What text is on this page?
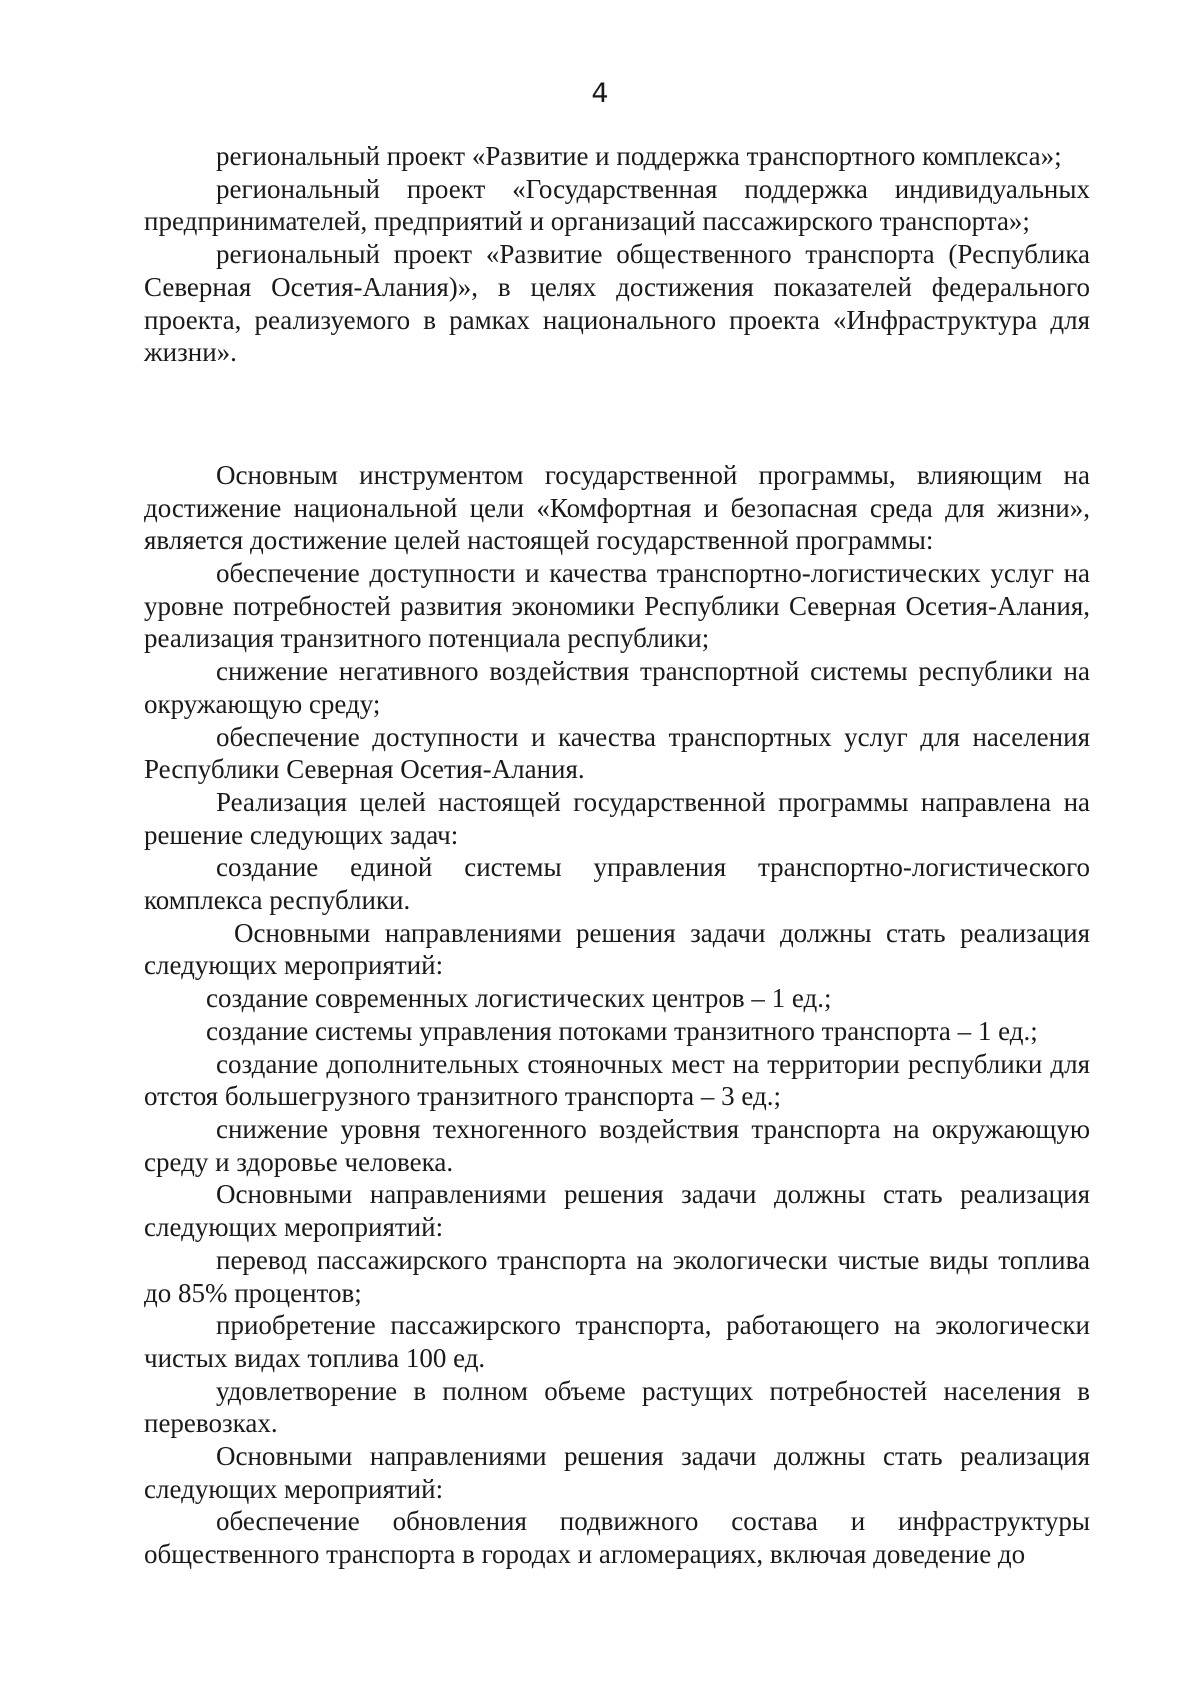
4

региональный проект «Развитие и поддержка транспортного комплекса»;

региональный проект «Государственная поддержка индивидуальных предпринимателей, предприятий и организаций пассажирского транспорта»;

региональный проект «Развитие общественного транспорта (Республика Северная Осетия-Алания)», в целях достижения показателей федерального проекта, реализуемого в рамках национального проекта «Инфраструктура для жизни».

Основным инструментом государственной программы, влияющим на достижение национальной цели «Комфортная и безопасная среда для жизни», является достижение целей настоящей государственной программы:

обеспечение доступности и качества транспортно-логистических услуг на уровне потребностей развития экономики Республики Северная Осетия-Алания, реализация транзитного потенциала республики;

снижение негативного воздействия транспортной системы республики на окружающую среду;

обеспечение доступности и качества транспортных услуг для населения Республики Северная Осетия-Алания.

Реализация целей настоящей государственной программы направлена на решение следующих задач:

создание единой системы управления транспортно-логистического комплекса республики.

Основными направлениями решения задачи должны стать реализация следующих мероприятий:

создание современных логистических центров – 1 ед.;

создание системы управления потоками транзитного транспорта – 1 ед.;

создание дополнительных стояночных мест на территории республики для отстоя большегрузного транзитного транспорта – 3 ед.;

снижение уровня техногенного воздействия транспорта на окружающую среду и здоровье человека.

Основными направлениями решения задачи должны стать реализация следующих мероприятий:

перевод пассажирского транспорта на экологически чистые виды топлива до 85% процентов;

приобретение пассажирского транспорта, работающего на экологически чистых видах топлива 100 ед.

удовлетворение в полном объеме растущих потребностей населения в перевозках.

Основными направлениями решения задачи должны стать реализация следующих мероприятий:

обеспечение обновления подвижного состава и инфраструктуры общественного транспорта в городах и агломерациях, включая доведение до
